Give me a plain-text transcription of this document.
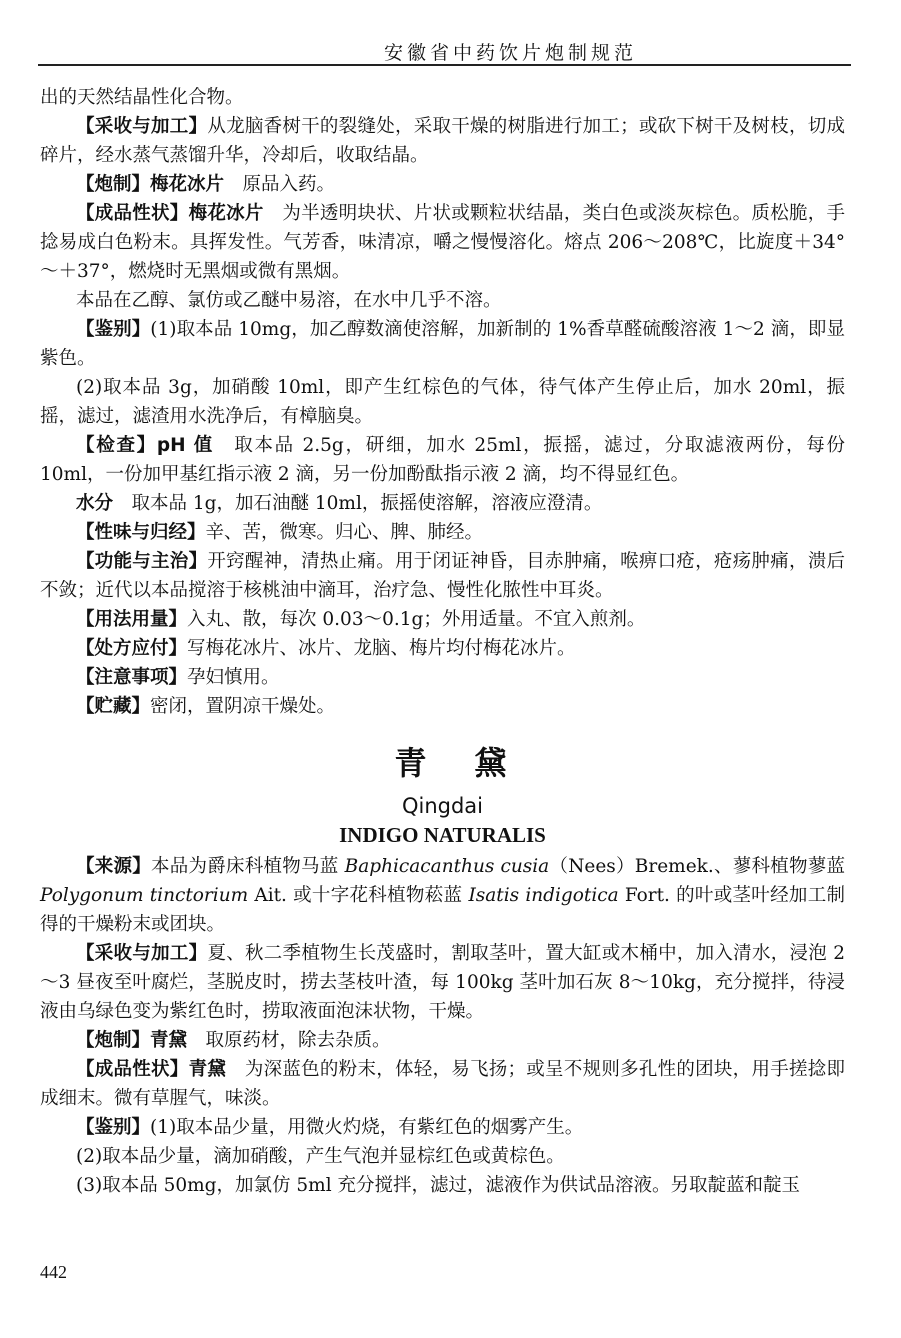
安徽省中药饮片炮制规范

出的天然结晶性化合物。

【采收与加工】从龙脑香树干的裂缝处，采取干燥的树脂进行加工；或砍下树干及树枝，切成碎片，经水蒸气蒸馏升华，冷却后，收取结晶。

【炮制】梅花冰片　原品入药。

【成品性状】梅花冰片　为半透明块状、片状或颗粒状结晶，类白色或淡灰棕色。质松脆，手捻易成白色粉末。具挥发性。气芳香，味清凉，嚼之慢慢溶化。熔点 206～208℃，比旋度＋34°～＋37°，燃烧时无黑烟或微有黑烟。

本品在乙醇、氯仿或乙醚中易溶，在水中几乎不溶。

【鉴别】(1)取本品 10mg，加乙醇数滴使溶解，加新制的 1%香草醛硫酸溶液 1～2 滴，即显紫色。

(2)取本品 3g，加硝酸 10ml，即产生红棕色的气体，待气体产生停止后，加水 20ml，振摇，滤过，滤渣用水洗净后，有樟脑臭。

【检查】pH 值　取本品 2.5g，研细，加水 25ml，振摇，滤过，分取滤液两份，每份 10ml，一份加甲基红指示液 2 滴，另一份加酚酞指示液 2 滴，均不得显红色。

水分　取本品 1g，加石油醚 10ml，振摇使溶解，溶液应澄清。

【性味与归经】辛、苦，微寒。归心、脾、肺经。

【功能与主治】开窍醒神，清热止痛。用于闭证神昏，目赤肿痛，喉痹口疮，疮疡肿痛，溃后不敛；近代以本品搅溶于核桃油中滴耳，治疗急、慢性化脓性中耳炎。

【用法用量】入丸、散，每次 0.03～0.1g；外用适量。不宜入煎剂。

【处方应付】写梅花冰片、冰片、龙脑、梅片均付梅花冰片。

【注意事项】孕妇慎用。

【贮藏】密闭，置阴凉干燥处。

青黛
Qingdai
INDIGO NATURALIS

【来源】本品为爵床科植物马蓝 Baphicacanthus cusia（Nees）Bremek.、蓼科植物蓼蓝 Polygonum tinctorium Ait. 或十字花科植物菘蓝 Isatis indigotica Fort. 的叶或茎叶经加工制得的干燥粉末或团块。

【采收与加工】夏、秋二季植物生长茂盛时，割取茎叶，置大缸或木桶中，加入清水，浸泡 2～3 昼夜至叶腐烂，茎脱皮时，捞去茎枝叶渣，每 100kg 茎叶加石灰 8～10kg，充分搅拌，待浸液由乌绿色变为紫红色时，捞取液面泡沫状物，干燥。

【炮制】青黛　取原药材，除去杂质。

【成品性状】青黛　为深蓝色的粉末，体轻，易飞扬；或呈不规则多孔性的团块，用手搓捻即成细末。微有草腥气，味淡。

【鉴别】(1)取本品少量，用微火灼烧，有紫红色的烟雾产生。

(2)取本品少量，滴加硝酸，产生气泡并显棕红色或黄棕色。

(3)取本品 50mg，加氯仿 5ml 充分搅拌，滤过，滤液作为供试品溶液。另取靛蓝和靛玉

442
